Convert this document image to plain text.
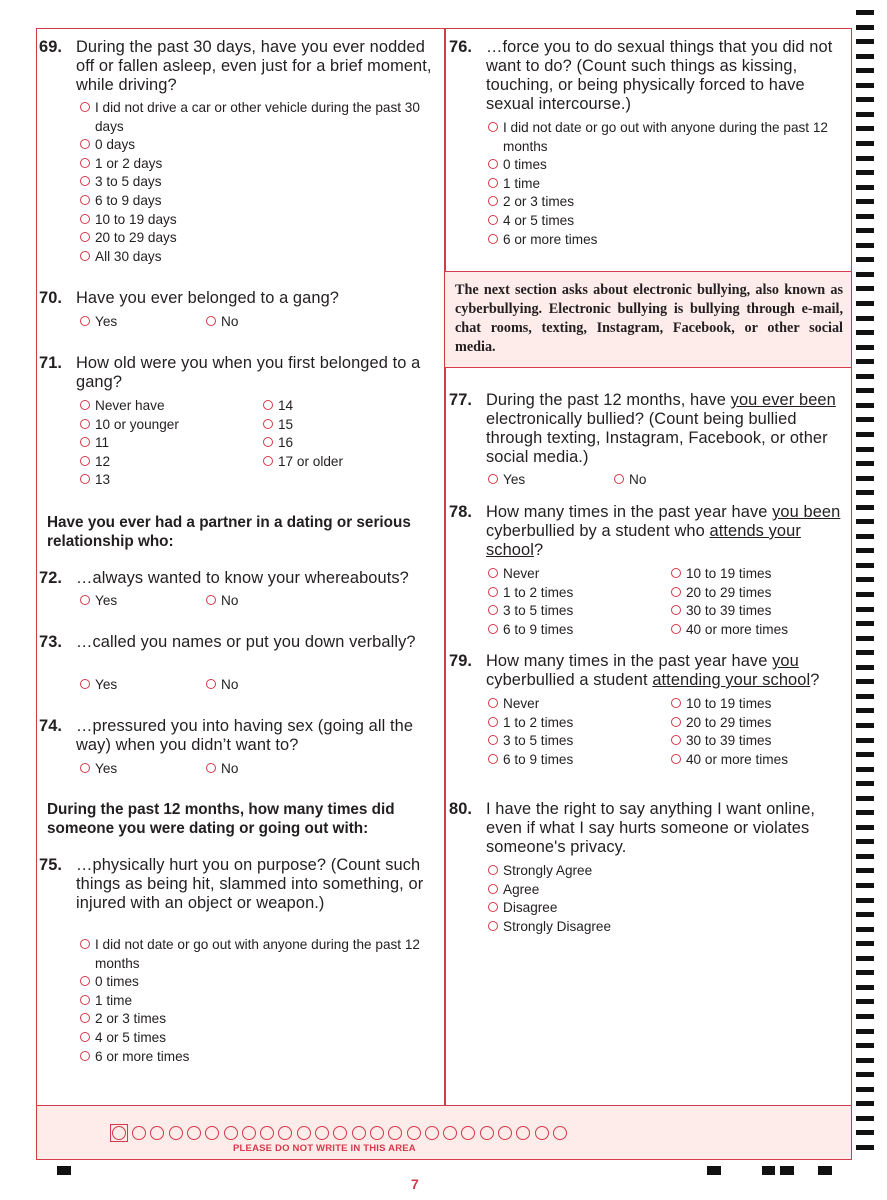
69. During the past 30 days, have you ever nodded off or fallen asleep, even just for a brief moment, while driving?
I did not drive a car or other vehicle during the past 30 days
0 days
1 or 2 days
3 to 5 days
6 to 9 days
10 to 19 days
20 to 29 days
All 30 days
70. Have you ever belonged to a gang?
Yes	No
71. How old were you when you first belonged to a gang?
Never have
10 or younger
11
12
13
14
15
16
17 or older
Have you ever had a partner in a dating or serious relationship who:
72. …always wanted to know your whereabouts?
Yes	No
73. …called you names or put you down verbally?
Yes	No
74. …pressured you into having sex (going all the way) when you didn’t want to?
Yes	No
During the past 12 months, how many times did someone you were dating or going out with:
75. …physically hurt you on purpose? (Count such things as being hit, slammed into something, or injured with an object or weapon.)
I did not date or go out with anyone during the past 12 months
0 times
1 time
2 or 3 times
4 or 5 times
6 or more times
76. …force you to do sexual things that you did not want to do? (Count such things as kissing, touching, or being physically forced to have sexual intercourse.)
I did not date or go out with anyone during the past 12 months
0 times
1 time
2 or 3 times
4 or 5 times
6 or more times
The next section asks about electronic bullying, also known as cyberbullying. Electronic bullying is bullying through e-mail, chat rooms, texting, Instagram, Facebook, or other social media.
77. During the past 12 months, have you ever been electronically bullied? (Count being bullied through texting, Instagram, Facebook, or other social media.)
Yes	No
78. How many times in the past year have you been cyberbullied by a student who attends your school?
Never
1 to 2 times
3 to 5 times
6 to 9 times
10 to 19 times
20 to 29 times
30 to 39 times
40 or more times
79. How many times in the past year have you cyberbullied a student attending your school?
Never
1 to 2 times
3 to 5 times
6 to 9 times
10 to 19 times
20 to 29 times
30 to 39 times
40 or more times
80. I have the right to say anything I want online, even if what I say hurts someone or violates someone's privacy.
Strongly Agree
Agree
Disagree
Strongly Disagree
PLEASE DO NOT WRITE IN THIS AREA
7
